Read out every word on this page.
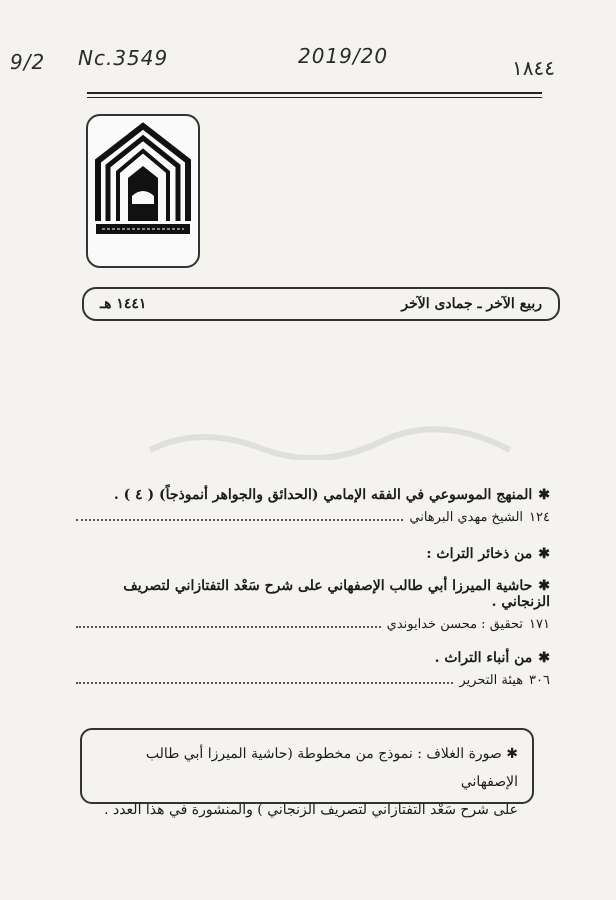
9/2 Nc.3549	2019/20	١٨٤٤
ربيع الآخر ـ جمادى الآخر
١٤٤١ هـ
✱المنهج الموسوعي في الفقه الإمامي (الحدائق والجواهر أنموذجاً) ( ٤ ) .
الشيخ مهدي البرهاني ١٢٤
✱من ذخائر التراث :
✱حاشية الميرزا أبي طالب الإصفهاني على شرح سَعْد التفتازاني لتصريف الزنجاني .
تحقيق : محسن خدايوندي ١٧١
✱من أنباء التراث .
هيئة التحرير ٣٠٦
✱ صورة الغلاف : نموذج من مخطوطة (حاشية الميرزا أبي طالب الإصفهاني
على شرح سَعْد التفتازاني لتصريف الزنجاني ) والمنشورة في هذا العدد .
